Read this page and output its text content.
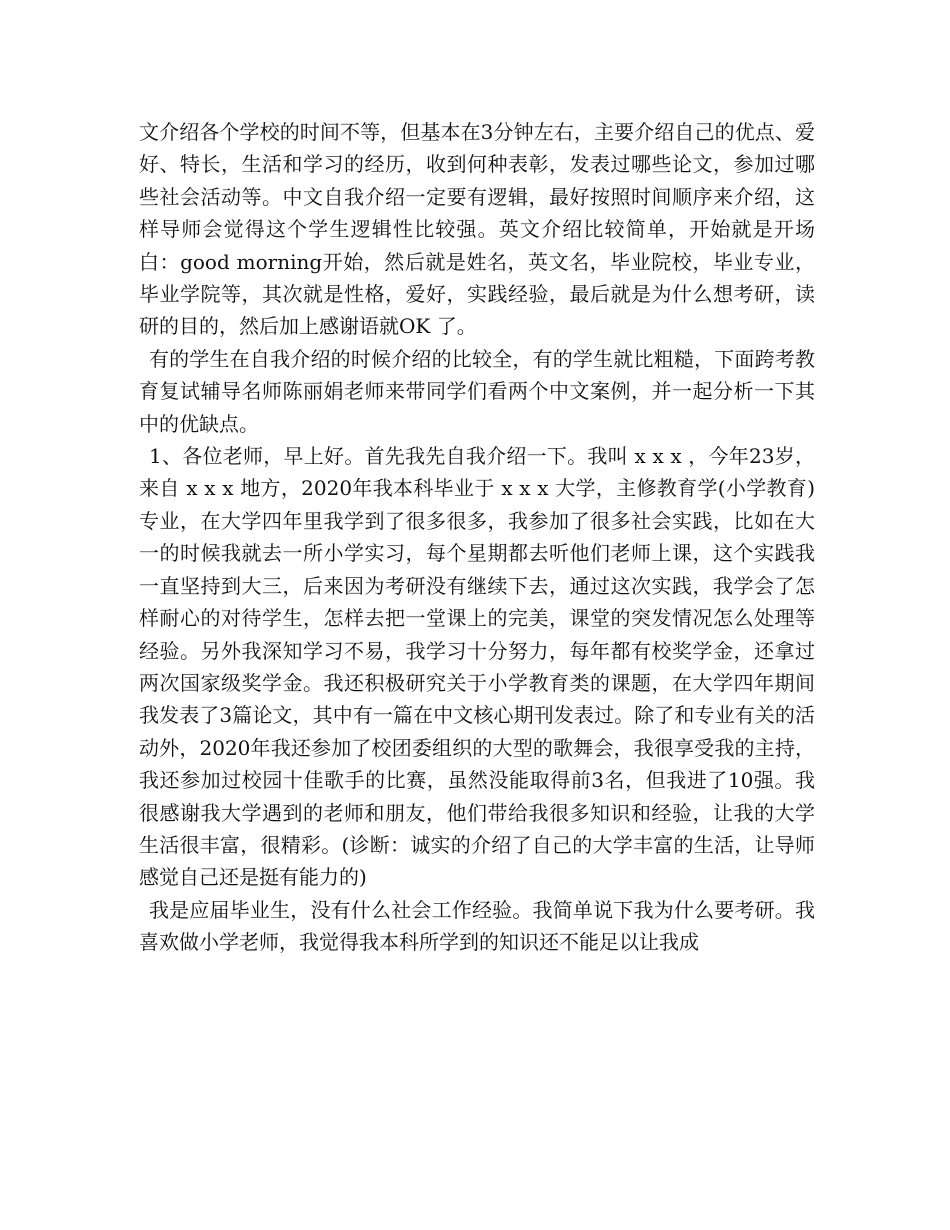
文介绍各个学校的时间不等，但基本在3分钟左右，主要介绍自己的优点、爱好、特长，生活和学习的经历，收到何种表彰，发表过哪些论文，参加过哪些社会活动等。中文自我介绍一定要有逻辑，最好按照时间顺序来介绍，这样导师会觉得这个学生逻辑性比较强。英文介绍比较简单，开始就是开场白：good morning开始，然后就是姓名，英文名，毕业院校，毕业专业，毕业学院等，其次就是性格，爱好，实践经验，最后就是为什么想考研，读研的目的，然后加上感谢语就OK 了。

有的学生在自我介绍的时候介绍的比较全，有的学生就比粗糙，下面跨考教育复试辅导名师陈丽娟老师来带同学们看两个中文案例，并一起分析一下其中的优缺点。

1、各位老师，早上好。首先我先自我介绍一下。我叫 x x x ，今年23岁，来自 x x x 地方，2020年我本科毕业于 x x x 大学，主修教育学(小学教育)专业，在大学四年里我学到了很多很多，我参加了很多社会实践，比如在大一的时候我就去一所小学实习，每个星期都去听他们老师上课，这个实践我一直坚持到大三，后来因为考研没有继续下去，通过这次实践，我学会了怎样耐心的对待学生，怎样去把一堂课上的完美，课堂的突发情况怎么处理等经验。另外我深知学习不易，我学习十分努力，每年都有校奖学金，还拿过两次国家级奖学金。我还积极研究关于小学教育类的课题，在大学四年期间我发表了3篇论文，其中有一篇在中文核心期刊发表过。除了和专业有关的活动外，2020年我还参加了校团委组织的大型的歌舞会，我很享受我的主持，我还参加过校园十佳歌手的比赛，虽然没能取得前3名，但我进了10强。我很感谢我大学遇到的老师和朋友，他们带给我很多知识和经验，让我的大学生活很丰富，很精彩。(诊断：诚实的介绍了自己的大学丰富的生活，让导师感觉自己还是挺有能力的)

我是应届毕业生，没有什么社会工作经验。我简单说下我为什么要考研。我喜欢做小学老师，我觉得我本科所学到的知识还不能足以让我成
